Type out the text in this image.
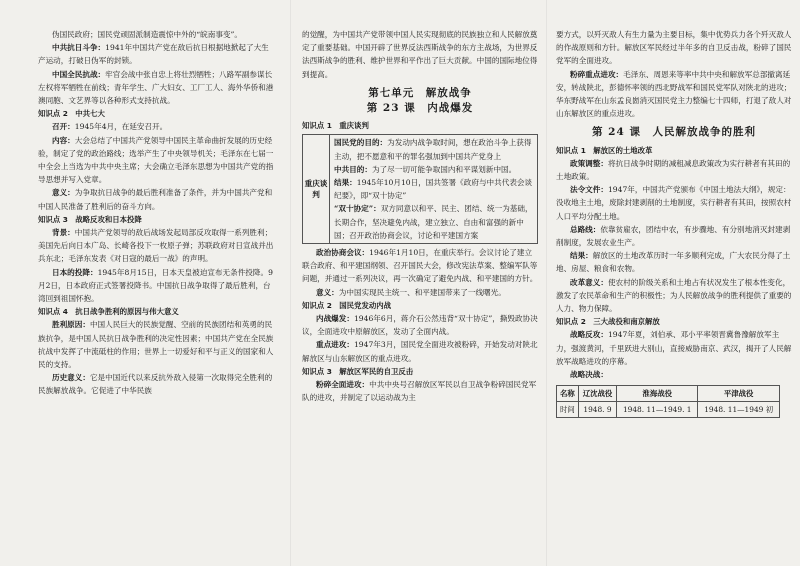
伪国民政府；国民党顽固派制造震惊中外的“皖南事变”。

中共抗日斗争：1941年中国共产党在敌后抗日根据地掀起了大生产运动，打破日伪军的封锁。

中国全民抗战：牢官会战中张自忠上将壮烈牺牲；八路军副参谋长左权将军牺牲在前线；青年学生、广大妇女、工厂工人、海外华侨和港澳同胞、文艺界等以各种形式支持抗战。

知识点 2　中共七大

召开：1945年4月，在延安召开。

内容：大会总结了中国共产党领导中国民主革命曲折发展的历史经验，制定了党的政治路线；选举产生了中央领导机关；毛泽东在七届一中全会上当选为中共中央主席；大会确立毛泽东思想为中国共产党的指导思想并写入党章。

意义：为争取抗日战争的最后胜利准备了条件，并为中国共产党和中国人民准备了胜利后的奋斗方向。

知识点 3　战略反攻和日本投降

背景：中国共产党领导的敌后战场发起局部反攻取得一系列胜利；美国先后向日本广岛、长崎各投下一枚原子弹；苏联政府对日宣战并出兵东北；毛泽东发表《对日寇的最后一战》的声明。

日本的投降：1945年8月15日，日本天皇被迫宣布无条件投降。9月2日，日本政府正式签署投降书。中国抗日战争取得了最后胜利，台湾回到祖国怀抱。

知识点 4　抗日战争胜利的原因与伟大意义

胜利原因：中国人民巨大的民族觉醒、空前的民族团结和英勇的民族抗争，是中国人民抗日战争胜利的决定性因素；中国共产党在全民族抗战中发挥了中流砥柱的作用；世界上一切爱好和平与正义的国家和人民的支持。

历史意义：它是中国近代以来反抗外敌入侵第一次取得完全胜利的民族解放战争。它促进了中华民族

的觉醒，为中国共产党带领中国人民实现彻底的民族独立和人民解放奠定了重要基础。中国开辟了世界反法西斯战争的东方主战场，为世界反法西斯战争的胜利、维护世界和平作出了巨大贡献。中国的国际地位得到提高。

第七单元　解放战争
第 23 课　内战爆发
知识点 1　重庆谈判
重庆谈判

国民党的目的：为发动内战争取时间，想在政治斗争上获得主动，把不愿意和平的罪名强加到中国共产党身上

中共目的：为了尽一切可能争取国内和平谋划新中国。

结果：1945年10月10日，国共签署《政府与中共代表会谈纪要》，即“双十协定”

“双十协定”：双方同意以和平、民主、团结、统一为基础，长期合作，坚决避免内战，建立独立、自由和富强的新中国；召开政治协商会议，讨论和平建国方案

政治协商会议：1946年1月10日，在重庆举行。会议讨论了建立联合政府、和平建国纲领、召开国民大会，修改宪法草案、整编军队等问题，并通过一系列决议，再一次确定了避免内战、和平建国的方针。

意义：为中国实现民主统一、和平建国带来了一线曙光。

知识点 2　国民党发动内战

内战爆发：1946年6月，蒋介石公然违背“双十协定”，撕毁政协决议，全面进攻中原解放区，发动了全面内战。

重点进攻：1947年3月，国民党全面进攻被粉碎，开始发动对陕北解放区与山东解放区的重点进攻。

知识点 3　解放区军民的自卫反击

粉碎全面进攻：中共中央号召解放区军民以自卫战争粉碎国民党军队的进攻，并制定了以运动战为主

要方式，以歼灭敌人有生力量为主要目标，集中优势兵力各个歼灭敌人的作战原则和方针。解放区军民经过半年多的自卫反击战，粉碎了国民党军的全面进攻。

粉碎重点进攻：毛泽东、周恩来等率中共中央和解放军总部撤离延安，转战陕北，彭德怀率领的西北野战军和国民党军队对陕北的进攻；华东野战军在山东孟良崮消灭国民党主力整编七十四师，打退了敌人对山东解放区的重点进攻。

第 24 课　人民解放战争的胜利
知识点 1　解放区的土地改革

政策调整：将抗日战争时期的减租减息政策改为实行耕者有其田的土地政策。

法令文件：1947年，中国共产党颁布《中国土地法大纲》，规定：没收地主土地，废除封建剥削的土地制度，实行耕者有其田，按照农村人口平均分配土地。

总路线：依靠贫雇农，团结中农，有步骤地、有分别地消灭封建剥削制度，发展农业生产。

结果：解放区的土地改革历时一年多顺利完成，广大农民分得了土地、房屋、粮食和农物。

改革意义：使农村的阶级关系和土地占有状况发生了根本性变化，激发了农民革命和生产的积极性；为人民解放战争的胜利提供了重要的人力、物力保障。

知识点 2　三大战役和南京解放

战略反攻：1947年夏，刘伯承、邓小平率领晋冀鲁豫解放军主力，强渡黄河，千里跃进大别山，直接威胁南京、武汉，揭开了人民解放军战略进攻的序幕。

战略决战：

名称	辽沈战役	淮海战役	平津战役
时间	1948. 9	1948. 11—1949. 1	1948. 11—1949 初
